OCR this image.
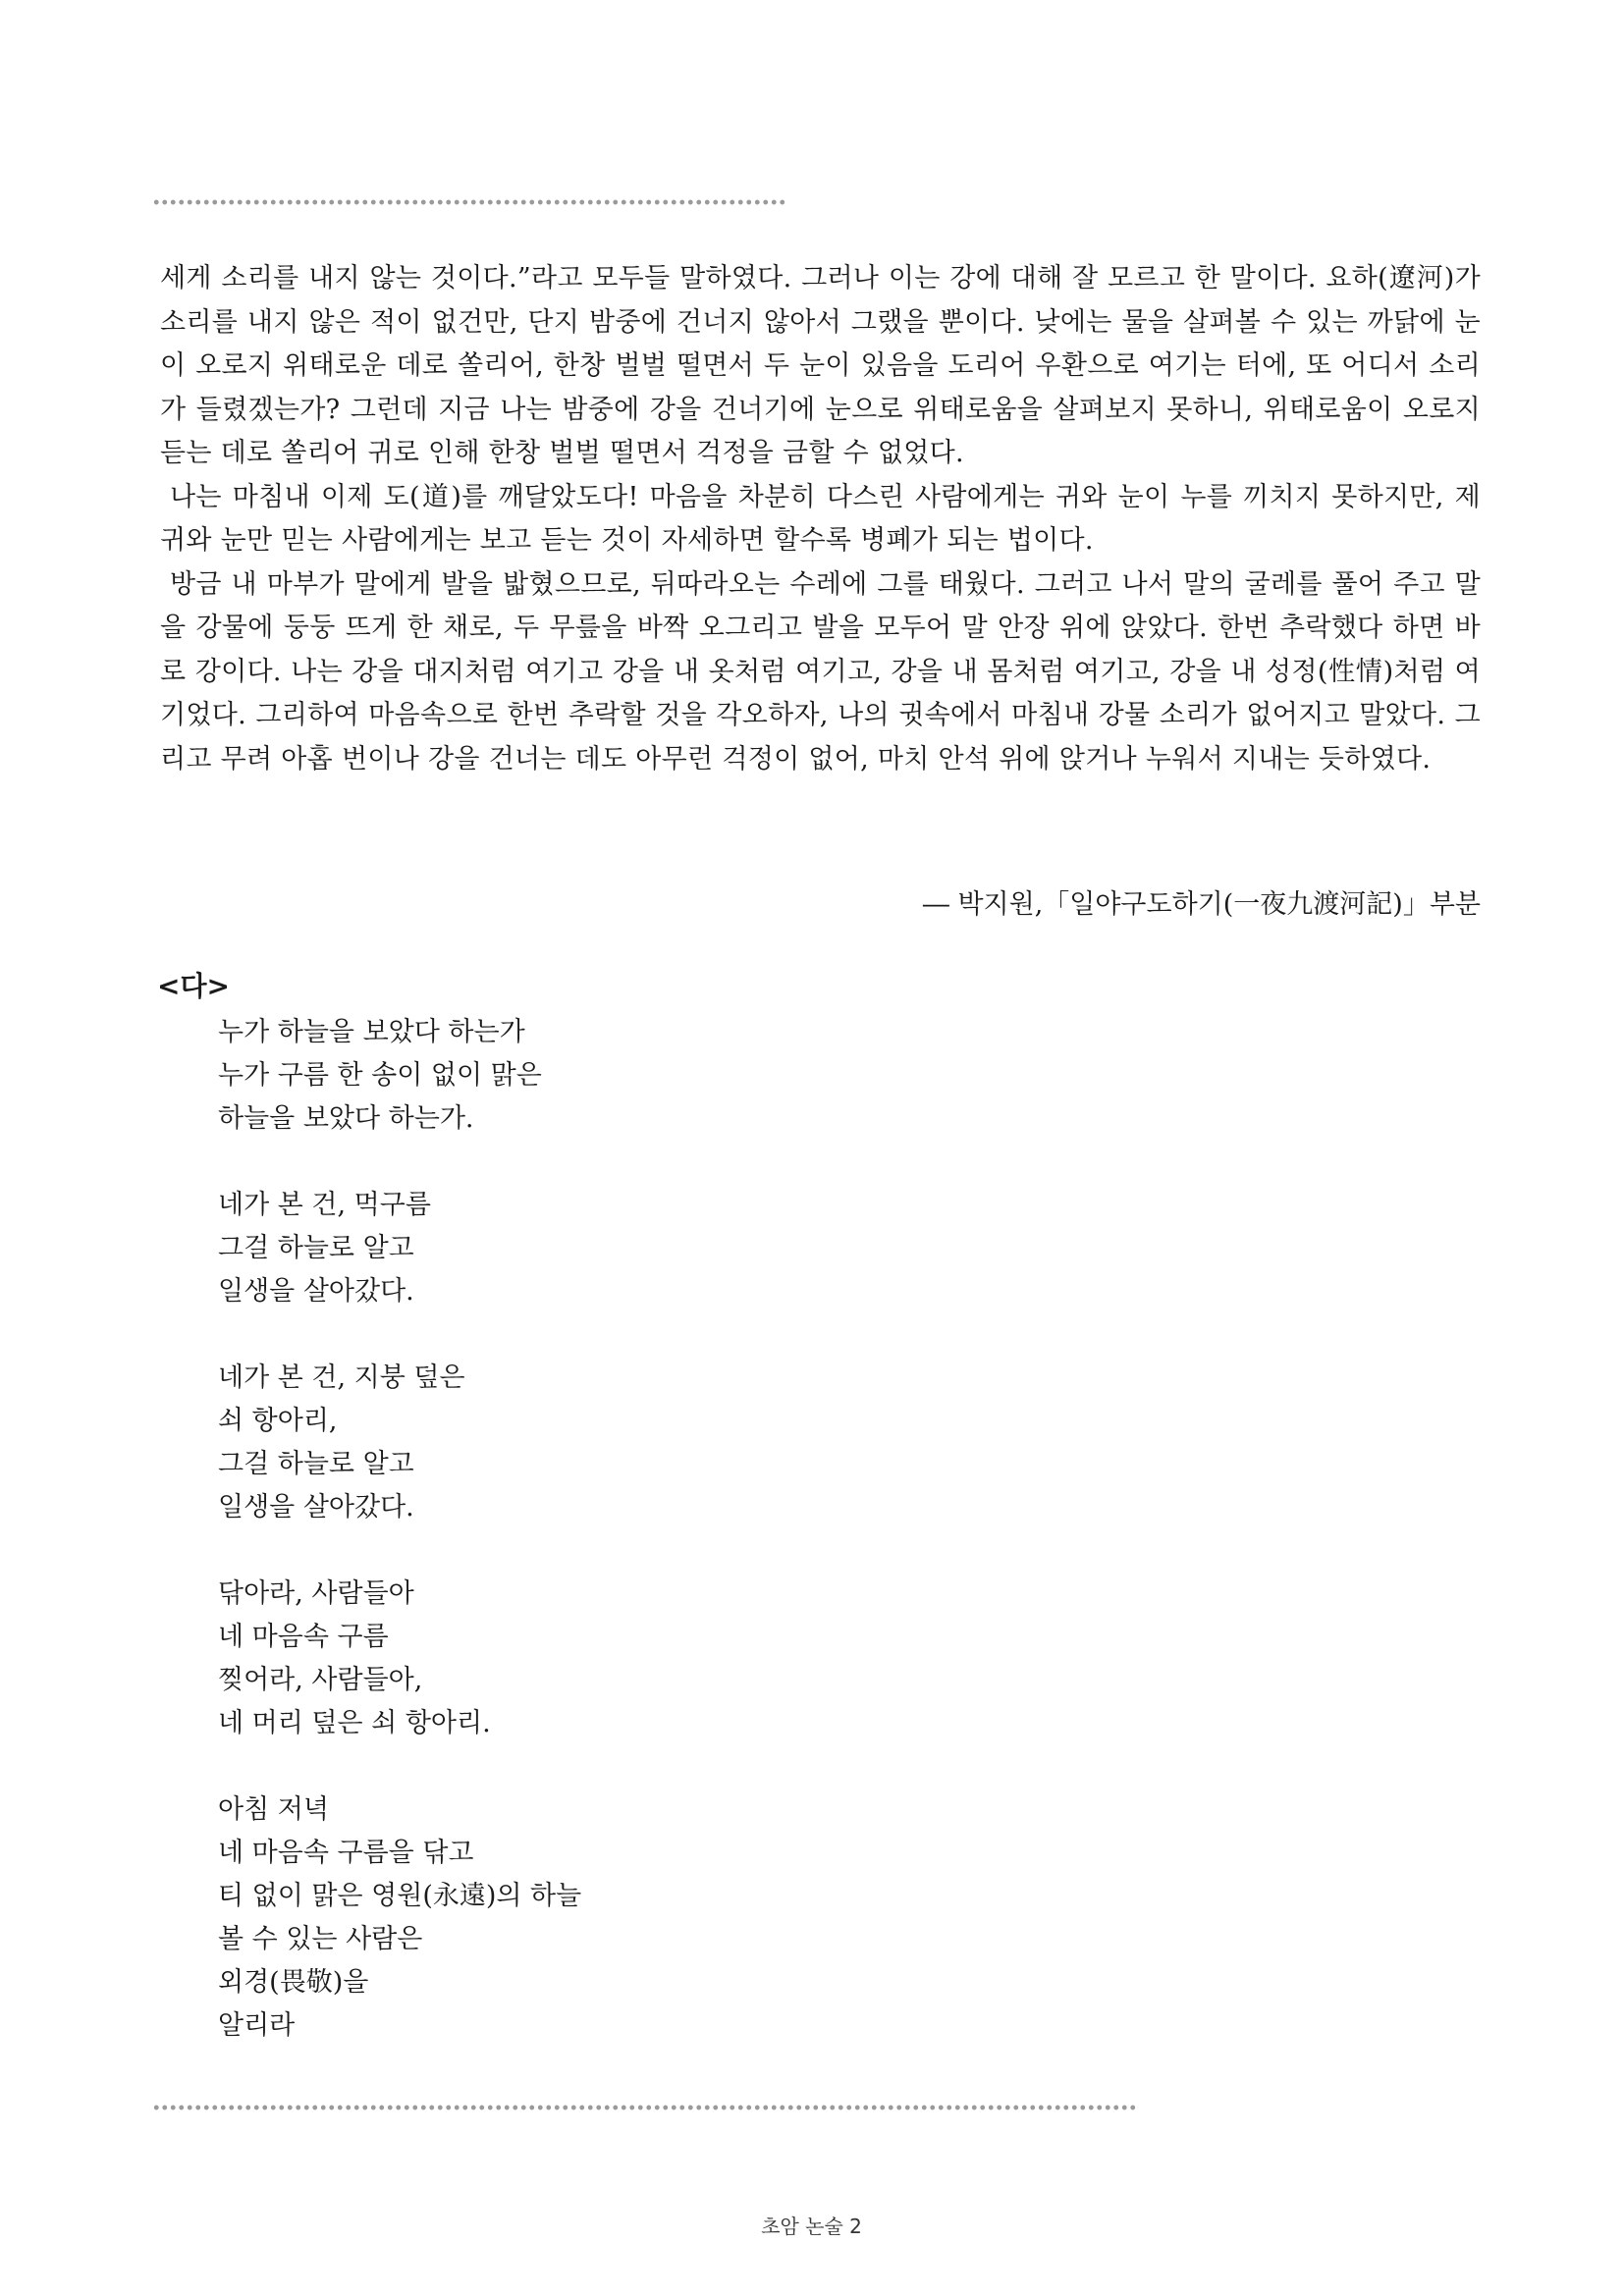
세게 소리를 내지 않는 것이다.”라고 모두들 말하였다. 그러나 이는 강에 대해 잘 모르고 한 말이다. 요하(遼河)가 소리를 내지 않은 적이 없건만, 단지 밤중에 건너지 않아서 그랬을 뿐이다. 낮에는 물을 살펴볼 수 있는 까닭에 눈이 오로지 위태로운 데로 쏠리어, 한창 벌벌 떨면서 두 눈이 있음을 도리어 우환으로 여기는 터에, 또 어디서 소리가 들렸겠는가? 그런데 지금 나는 밤중에 강을 건너기에 눈으로 위태로움을 살펴보지 못하니, 위태로움이 오로지 듣는 데로 쏠리어 귀로 인해 한창 벌벌 떨면서 걱정을 금할 수 없었다.

나는 마침내 이제 도(道)를 깨달았도다! 마음을 차분히 다스린 사람에게는 귀와 눈이 누를 끼치지 못하지만, 제 귀와 눈만 믿는 사람에게는 보고 듣는 것이 자세하면 할수록 병폐가 되는 법이다.

방금 내 마부가 말에게 발을 밟혔으므로, 뒤따라오는 수레에 그를 태웠다. 그러고 나서 말의 굴레를 풀어 주고 말을 강물에 둥둥 뜨게 한 채로, 두 무릎을 바짝 오그리고 발을 모두어 말 안장 위에 앉았다. 한번 추락했다 하면 바로 강이다. 나는 강을 대지처럼 여기고 강을 내 옷처럼 여기고, 강을 내 몸처럼 여기고, 강을 내 성정(性情)처럼 여기었다. 그리하여 마음속으로 한번 추락할 것을 각오하자, 나의 귓속에서 마침내 강물 소리가 없어지고 말았다. 그리고 무려 아홉 번이나 강을 건너는 데도 아무런 걱정이 없어, 마치 안석 위에 앉거나 누워서 지내는 듯하였다.

― 박지원,「일야구도하기(一夜九渡河記)」부분
<다>
누가 하늘을 보았다 하는가
누가 구름 한 송이 없이 맑은
하늘을 보았다 하는가.
네가 본 건, 먹구름
그걸 하늘로 알고
일생을 살아갔다.
네가 본 건, 지붕 덮은
쇠 항아리,
그걸 하늘로 알고
일생을 살아갔다.
닦아라, 사람들아
네 마음속 구름
찢어라, 사람들아,
네 머리 덮은 쇠 항아리.
아침 저녁
네 마음속 구름을 닦고
티 없이 맑은 영원(永遠)의 하늘
볼 수 있는 사람은
외경(畏敬)을
알리라
초암 논술 2
